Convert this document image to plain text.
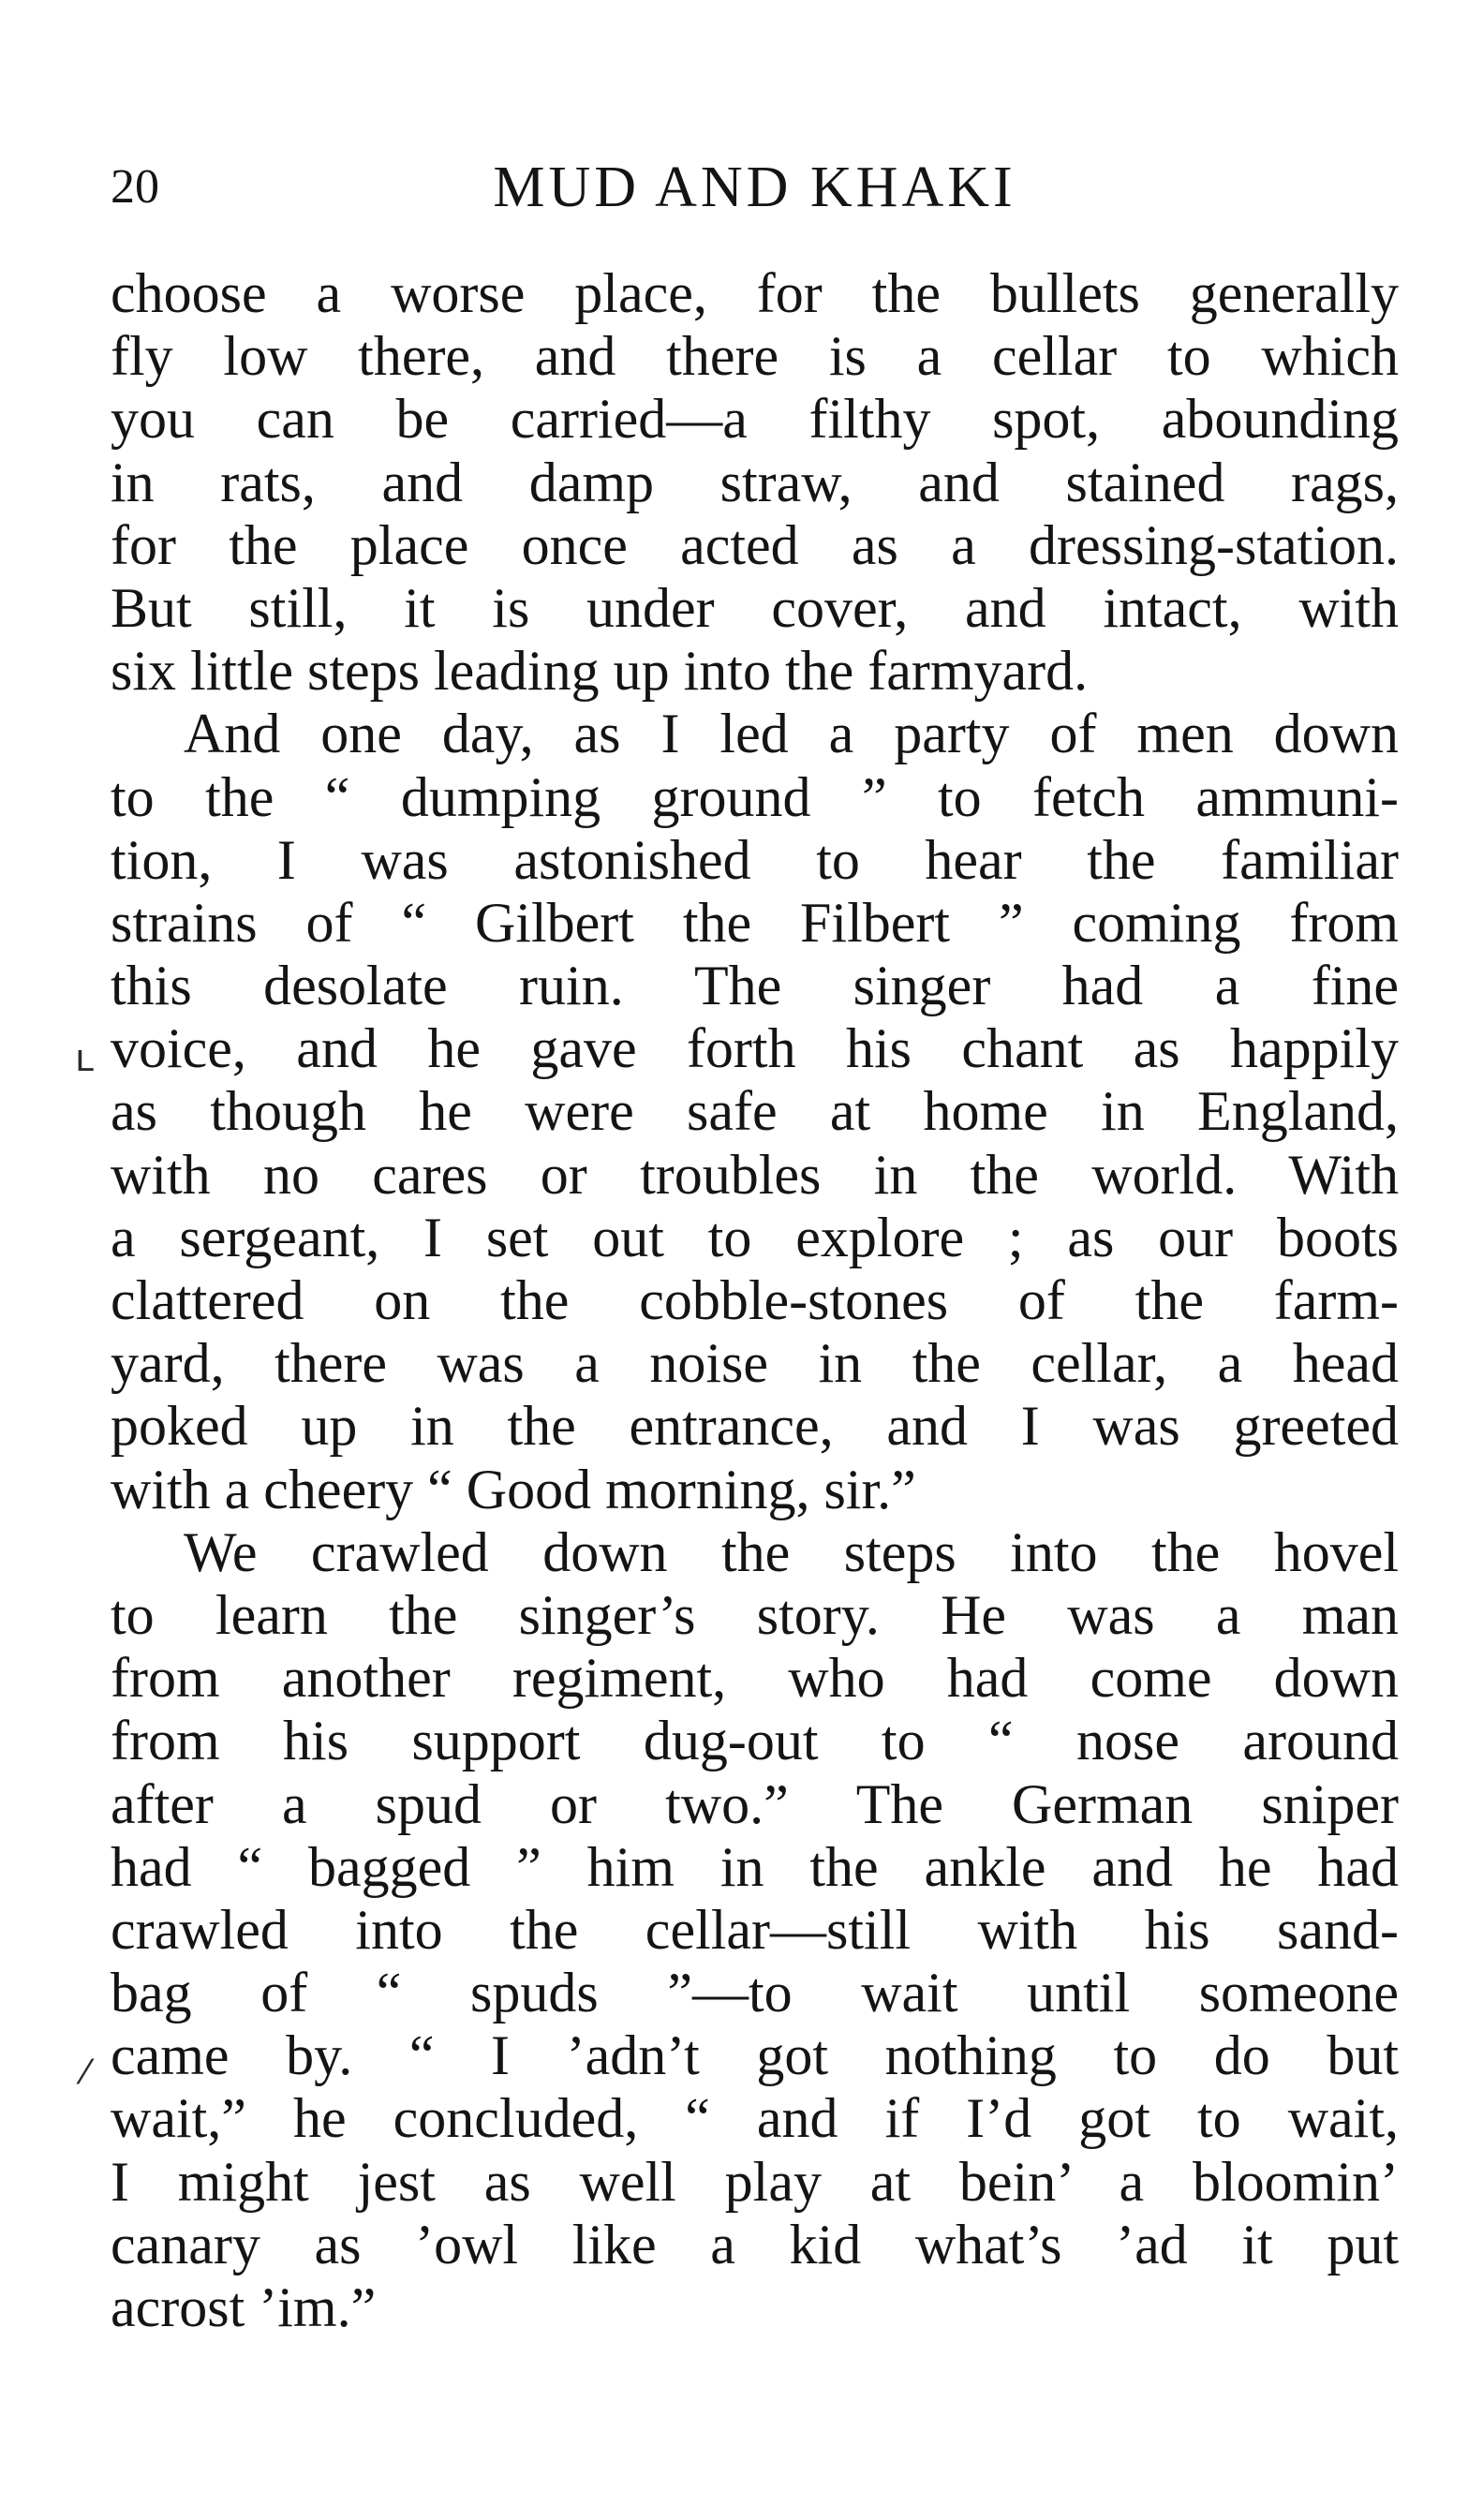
20	MUD AND KHAKI
ʟ
⁄
choose a worse place, for the bullets generally
fly low there, and there is a cellar to which
you can be carried—a filthy spot, abounding
in rats, and damp straw, and stained rags,
for the place once acted as a dressing-station.
But still, it is under cover, and intact, with
six little steps leading up into the farmyard.
And one day, as I led a party of men down
to the “ dumping ground ” to fetch ammuni-
tion, I was astonished to hear the familiar
strains of “ Gilbert the Filbert ” coming from
this desolate ruin. The singer had a fine
voice, and he gave forth his chant as happily
as though he were safe at home in England,
with no cares or troubles in the world. With
a sergeant, I set out to explore ; as our boots
clattered on the cobble-stones of the farm-
yard, there was a noise in the cellar, a head
poked up in the entrance, and I was greeted
with a cheery “ Good morning, sir.”
We crawled down the steps into the hovel
to learn the singer’s story. He was a man
from another regiment, who had come down
from his support dug-out to “ nose around
after a spud or two.” The German sniper
had “ bagged ” him in the ankle and he had
crawled into the cellar—still with his sand-
bag of “ spuds ”—to wait until someone
came by. “ I ’adn’t got nothing to do but
wait,” he concluded, “ and if I’d got to wait,
I might jest as well play at bein’ a bloomin’
canary as ’owl like a kid what’s ’ad it put
acrost ’im.”
